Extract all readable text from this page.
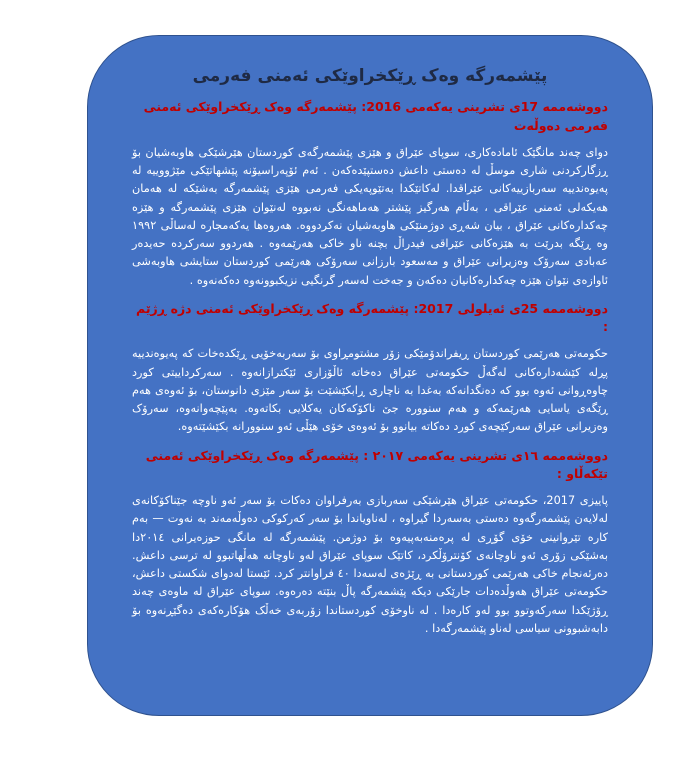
پێشمەرگە وەک ڕێکخراوێکی ئەمنی فەرمی
دووشەممە 17ی تشرینی یەکەمی 2016: پێشمەرگە وەک ڕێکخراوێکی ئەمنی فەرمی دەوڵەت
دوای چەند مانگێک ئامادەکاری، سوپای عێراق و هێزی پێشمەرگەی کوردستان هێرشێکی هاوبەشیان بۆ ڕزگارکردنی شاری موسڵ لە دەستی داعش دەستپێدەکەن . ئەم ئۆپەراسیۆنە پێشهاتێکی مێژووییە لە پەیوەندییە سەربازییەکانی عێراقدا. لەکاتێکدا بەتێوپەیکی فەرمی هێزی پێشمەرگە بەشێکە لە هەمان هەیکەلی ئەمنی عێراقی ، بەڵام هەرگیز پێشتر هەماهەنگی نەبووە لەنێوان هێزی پێشمەرگە و هێزە چەکدارەکانی عێراق ، بیان شەڕی دوژمنێکی هاوبەشیان نەکردووە. هەروەها یەکەمجارە لەساڵی ١٩٩٢ وە ڕێگە بدرێت بە هێزەکانی عێراقی فیدراڵ بچنە ناو خاکی هەرێمەوە . هەردوو سەرکردە حەیدەر عەبادی سەرۆک وەزیرانی عێراق و مەسعود بارزانی سەرۆکی هەرێمی کوردستان ستایشی هاوبەشی ئاوازەی نێوان هێزە چەکدارەکانیان دەکەن و جەخت لەسەر گرنگیی نزیکبوونەوە دەکەنەوە .
دووشەممە 25ی ئەیلولی 2017: پێشمەرگە وەک ڕێکخراوێکی ئەمنی دژە ڕژێم :
حکومەتی هەرێمی کوردستان ڕیفراندۆمێکی زۆر مشتومڕاوی بۆ سەربەخۆیی ڕێکدەخات کە پەیوەندییە پڕلە کێشەدارەکانی لەگەڵ حکومەتی عێراق دەخاتە ئاڵۆزاری ئێکترازانەوە . سەرکرداییتی کورد چاوەڕوانی ئەوە بوو کە دەنگدانەکە بەغدا بە ناچاری ڕابکێشێت بۆ سەر مێزی دانوستان، بۆ ئەوەی هەم ڕێگەی یاسایی هەرێمەکە و هەم سنووره جێ ناکۆکەکان یەکلایی بکاتەوە. بەپێچەوانەوە، سەرۆک وەزیرانی عێراق سەرکێچەی کورد دەکاتە بیانوو بۆ ئەوەی خۆی هێڵی ئەو سنوورانە بکێشێتەوە.
دووشەممە ١٦ی تشرینی یەکەمی ٢٠١٧ : پێشمەرگە وەک ڕێکخراوێکی ئەمنی تێکەڵاو :
پاییزی 2017، حکومەتی عێراق هێرشێکی سەربازی بەرفراوان دەکات بۆ سەر ئەو ناوچە جێناکۆکانەی لەلایەن پێشمەرگەوە دەستی بەسەردا گیراوە ، لەناوياندا بۆ سەر کەرکوکی دەوڵەمەند بە نەوت — بەم کارە تێروانینی خۆی گۆڕی لە پرەمنەبەپیەوە بۆ دوژمن. پێشمەرگە لە مانگی حوزەیرانی ٢٠١٤دا بەشێکی زۆری ئەو ناوچانەی کۆنترۆڵکرد، کاتێک سوپای عێراق لەو ناوچانە هەڵهاتبوو لە ترسی داعش. دەرئەنجام خاکی هەرێمی کوردستانی بە ڕێژەی لەسەدا ٤٠ فراوانتر کرد. ئێستا لەدوای شکستی داعش، حکومەتی عێراق هەوڵدەدات جارێکی دیکە پێشمەرگە پاڵ بنێتە دەرەوە. سوپای عێراق لە ماوەی چەند ڕۆژێکدا سەرکەوتوو بوو لەو کارەدا . لە ناوخۆی کوردستاندا زۆربەی خەڵک هۆکارەکەی دەگێڕنەوە بۆ دابەشبوونی سیاسی لەناو پێشمەرگەدا .
